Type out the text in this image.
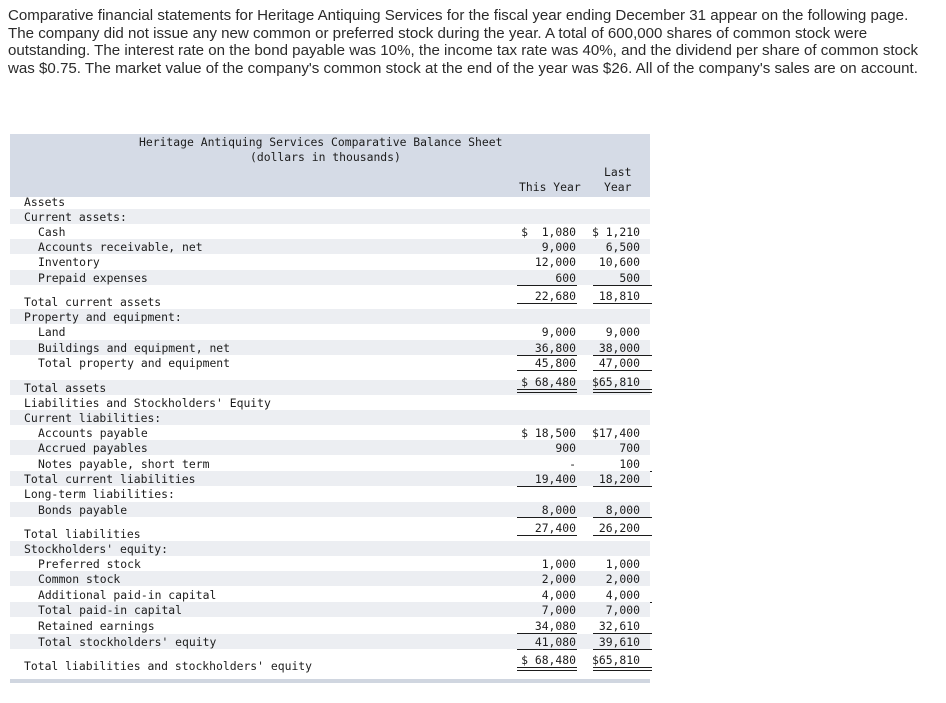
Comparative financial statements for Heritage Antiquing Services for the fiscal year ending December 31 appear on the following page. The company did not issue any new common or preferred stock during the year. A total of 600,000 shares of common stock were outstanding. The interest rate on the bond payable was 10%, the income tax rate was 40%, and the dividend per share of common stock was $0.75. The market value of the company's common stock at the end of the year was $26. All of the company's sales are on account.

Heritage Antiquing Services Comparative Balance Sheet
(dollars in thousands)
Last
This Year Year
Assets
Current assets:
Cash	$  1,080	$ 1,210
Accounts receivable, net	9,000	6,500
Inventory	12,000	10,600
Prepaid expenses	600	500
Total current assets	22,680	18,810
Property and equipment:
Land	9,000	9,000
Buildings and equipment, net	36,800	38,000
Total property and equipment	45,800	47,000
Total assets	$ 68,480	$65,810
Liabilities and Stockholders' Equity
Current liabilities:
Accounts payable	$ 18,500	$17,400
Accrued payables	900	700
Notes payable, short term	-	100
Total current liabilities	19,400	18,200
Long-term liabilities:
Bonds payable	8,000	8,000
Total liabilities	27,400	26,200
Stockholders' equity:
Preferred stock	1,000	1,000
Common stock	2,000	2,000
Additional paid-in capital	4,000	4,000
Total paid-in capital	7,000	7,000
Retained earnings	34,080	32,610
Total stockholders' equity	41,080	39,610
Total liabilities and stockholders' equity	$ 68,480	$65,810
